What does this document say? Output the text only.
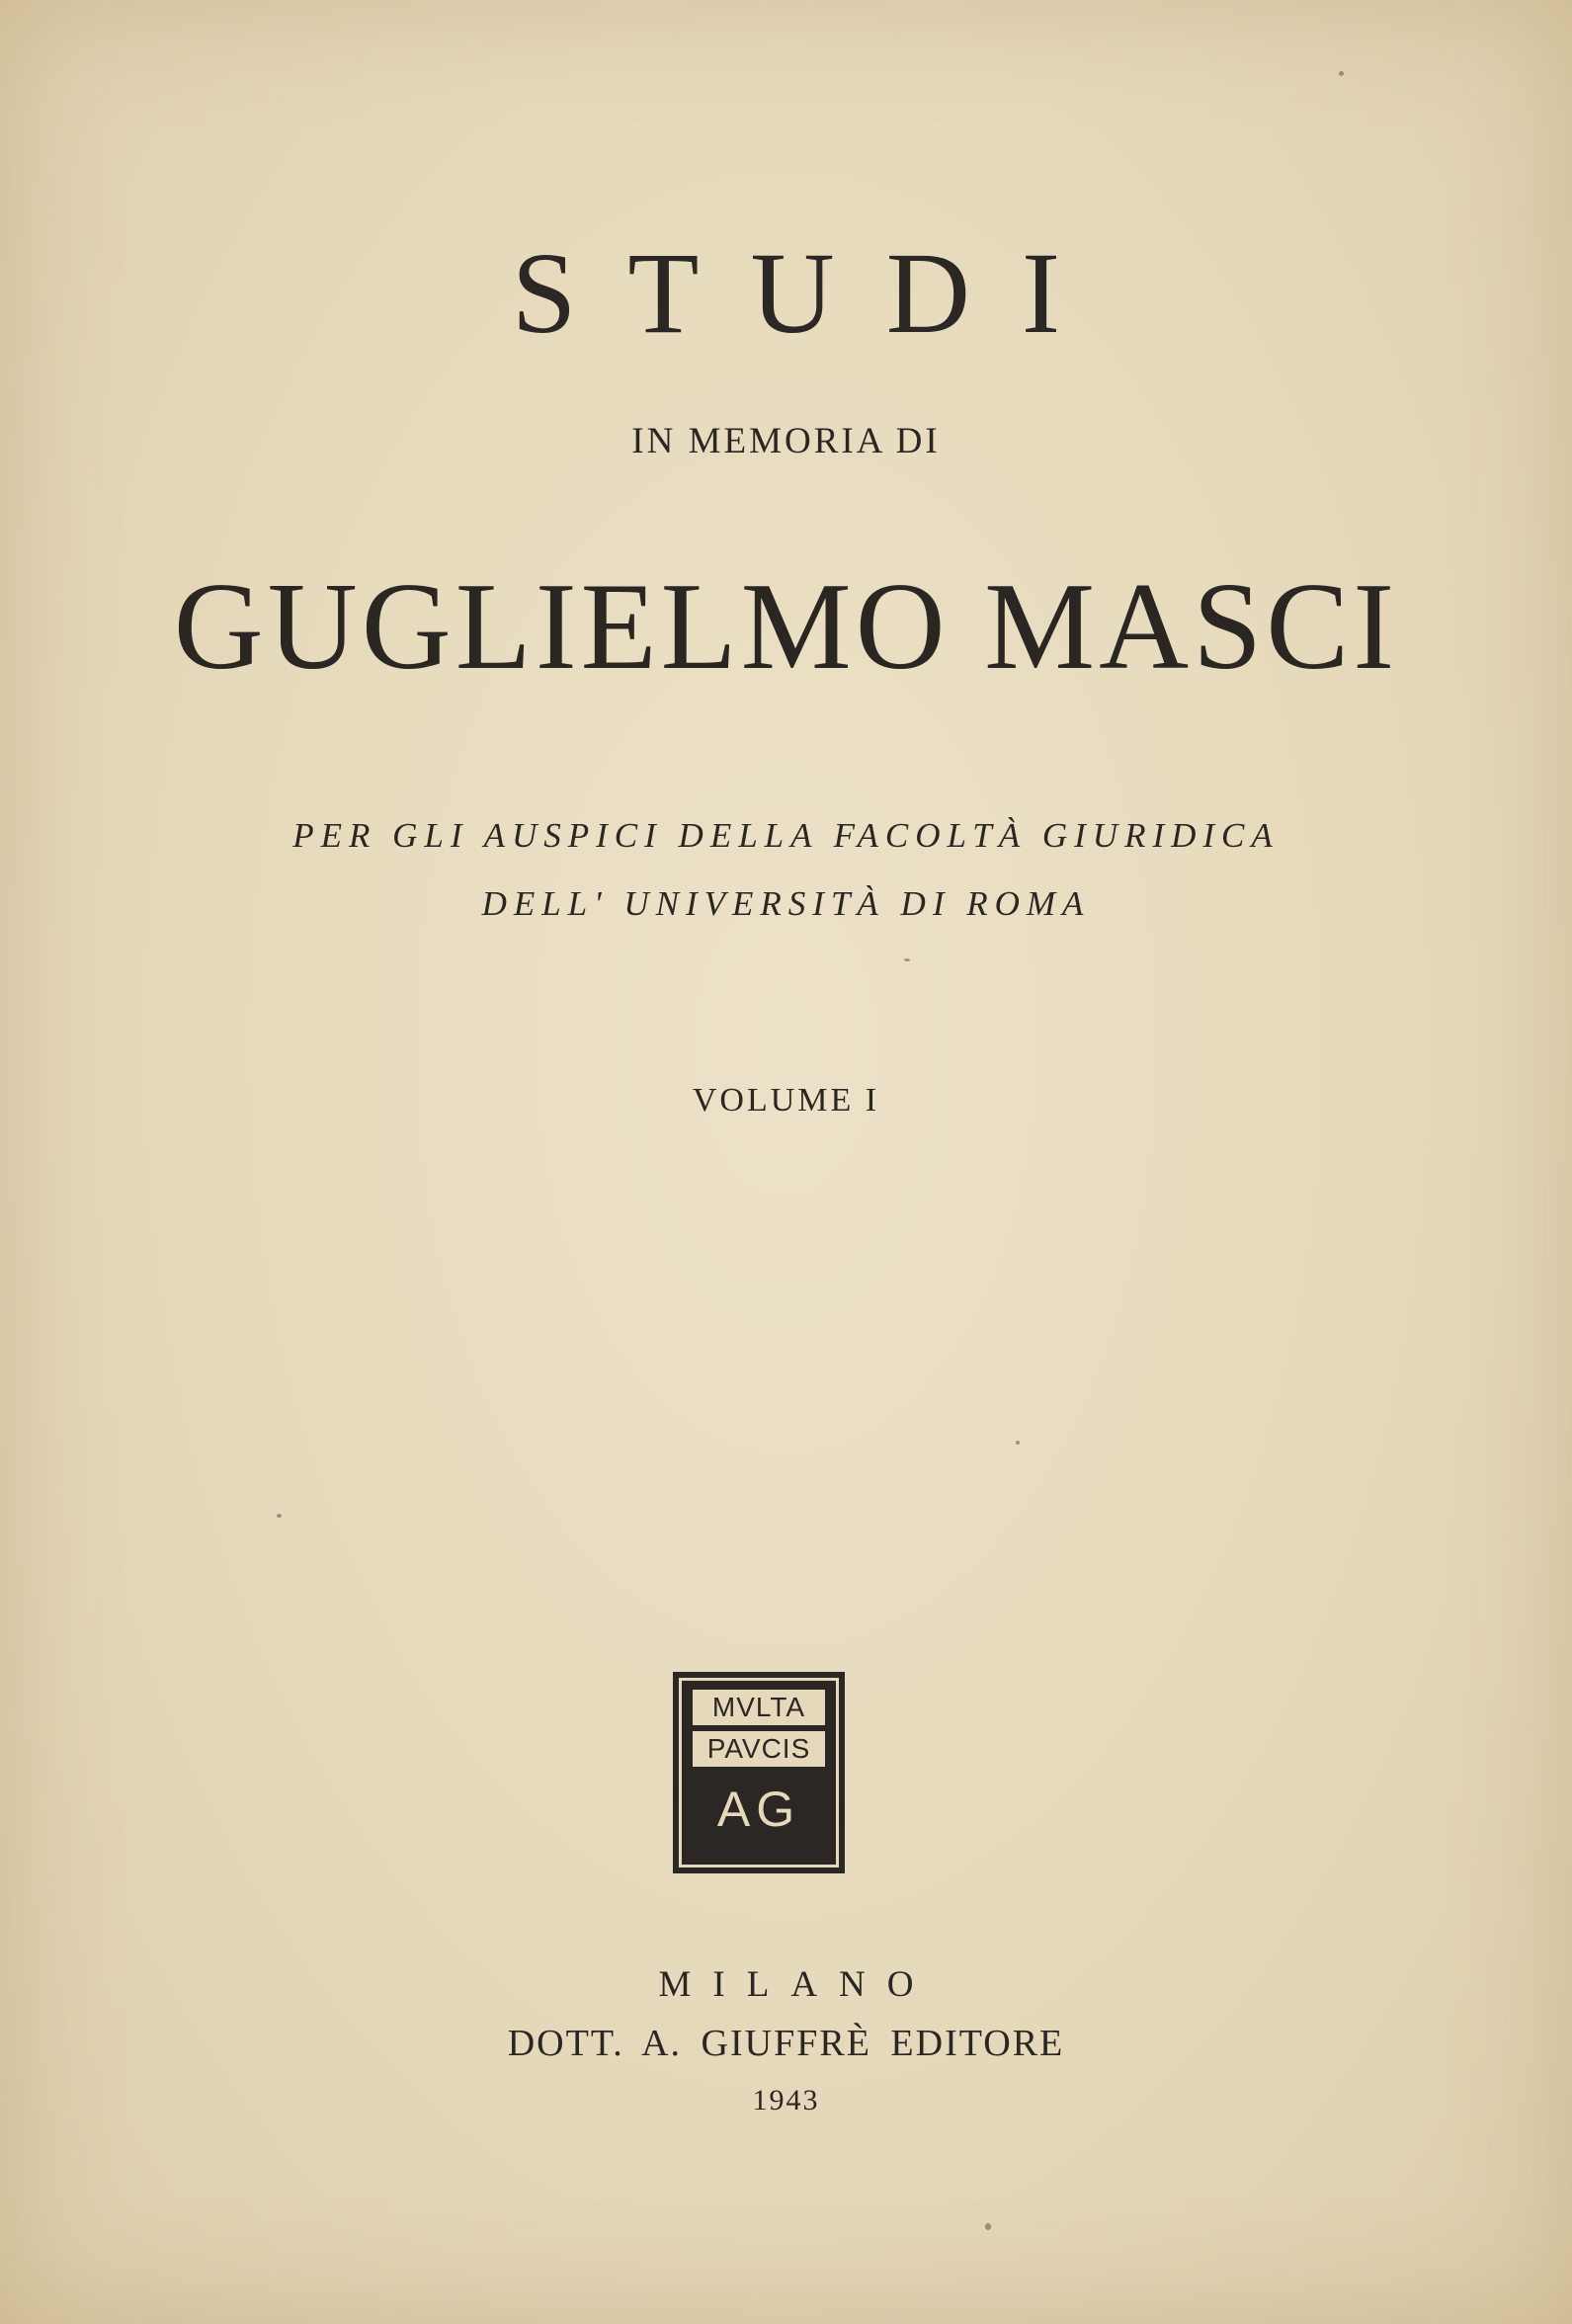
STUDI
IN MEMORIA DI
GUGLIELMO MASCI
PER GLI AUSPICI DELLA FACOLTÀ GIURIDICA
DELL' UNIVERSITÀ DI ROMA
VOLUME I
MVLTA
PAVCIS
AG
MILANO
DOTT. A. GIUFFRÈ EDITORE
1943
